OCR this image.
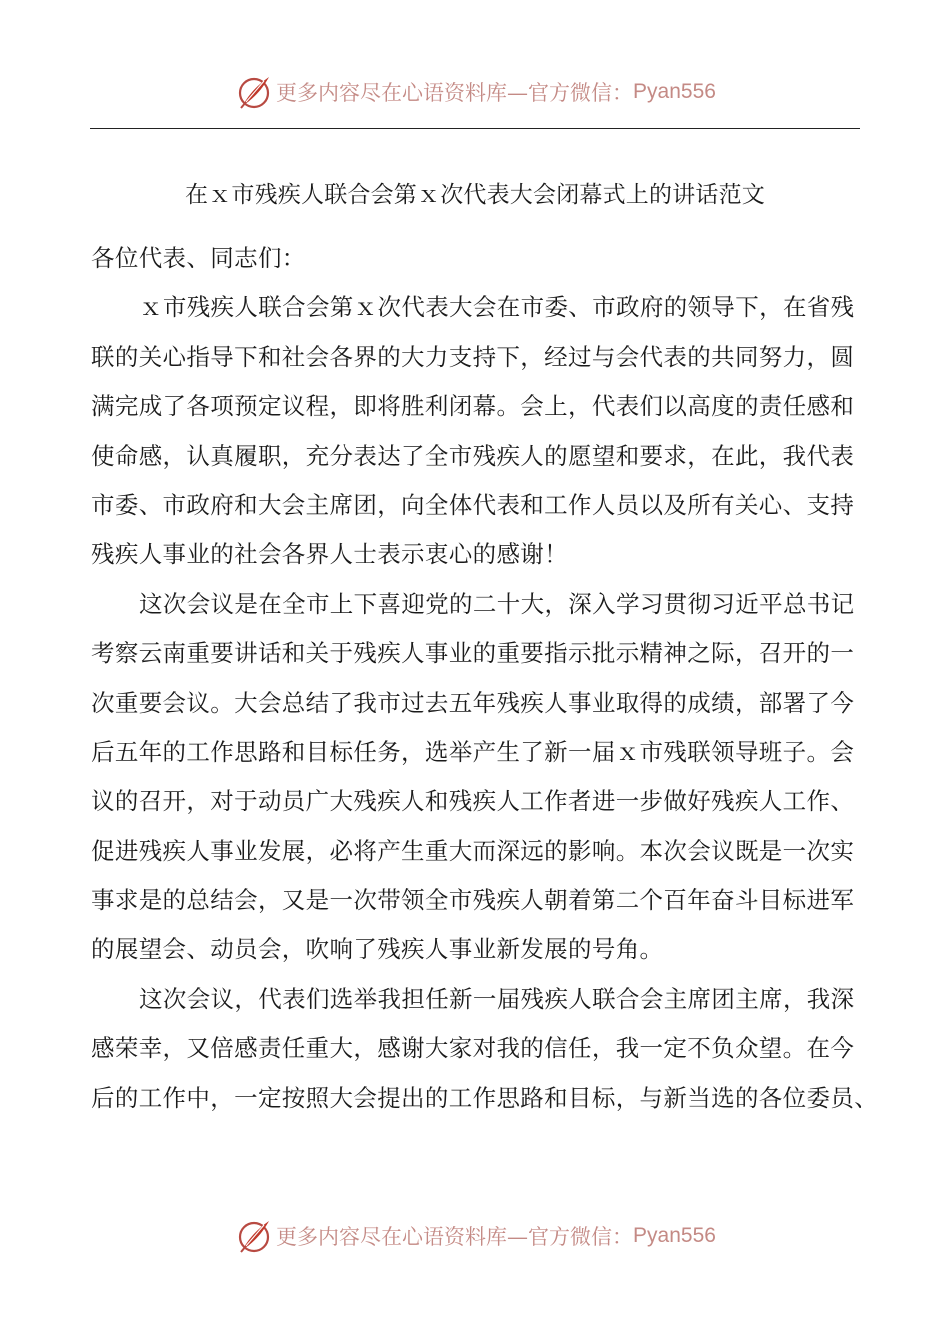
更多内容尽在心语资料库—官方微信： Pyan556
在ｘ市残疾人联合会第ｘ次代表大会闭幕式上的讲话范文

各位代表、同志们：

ｘ市残疾人联合会第ｘ次代表大会在市委、市政府的领导下，在省残

联的关心指导下和社会各界的大力支持下，经过与会代表的共同努力，圆

满完成了各项预定议程，即将胜利闭幕。会上，代表们以高度的责任感和

使命感，认真履职，充分表达了全市残疾人的愿望和要求，在此，我代表

市委、市政府和大会主席团，向全体代表和工作人员以及所有关心、支持

残疾人事业的社会各界人士表示衷心的感谢！

这次会议是在全市上下喜迎党的二十大，深入学习贯彻习近平总书记

考察云南重要讲话和关于残疾人事业的重要指示批示精神之际，召开的一

次重要会议。大会总结了我市过去五年残疾人事业取得的成绩，部署了今

后五年的工作思路和目标任务，选举产生了新一届ｘ市残联领导班子。会

议的召开，对于动员广大残疾人和残疾人工作者进一步做好残疾人工作、

促进残疾人事业发展，必将产生重大而深远的影响。本次会议既是一次实

事求是的总结会，又是一次带领全市残疾人朝着第二个百年奋斗目标进军

的展望会、动员会，吹响了残疾人事业新发展的号角。

这次会议，代表们选举我担任新一届残疾人联合会主席团主席，我深

感荣幸，又倍感责任重大，感谢大家对我的信任，我一定不负众望。在今

后的工作中，一定按照大会提出的工作思路和目标，与新当选的各位委员、

更多内容尽在心语资料库—官方微信： Pyan556
